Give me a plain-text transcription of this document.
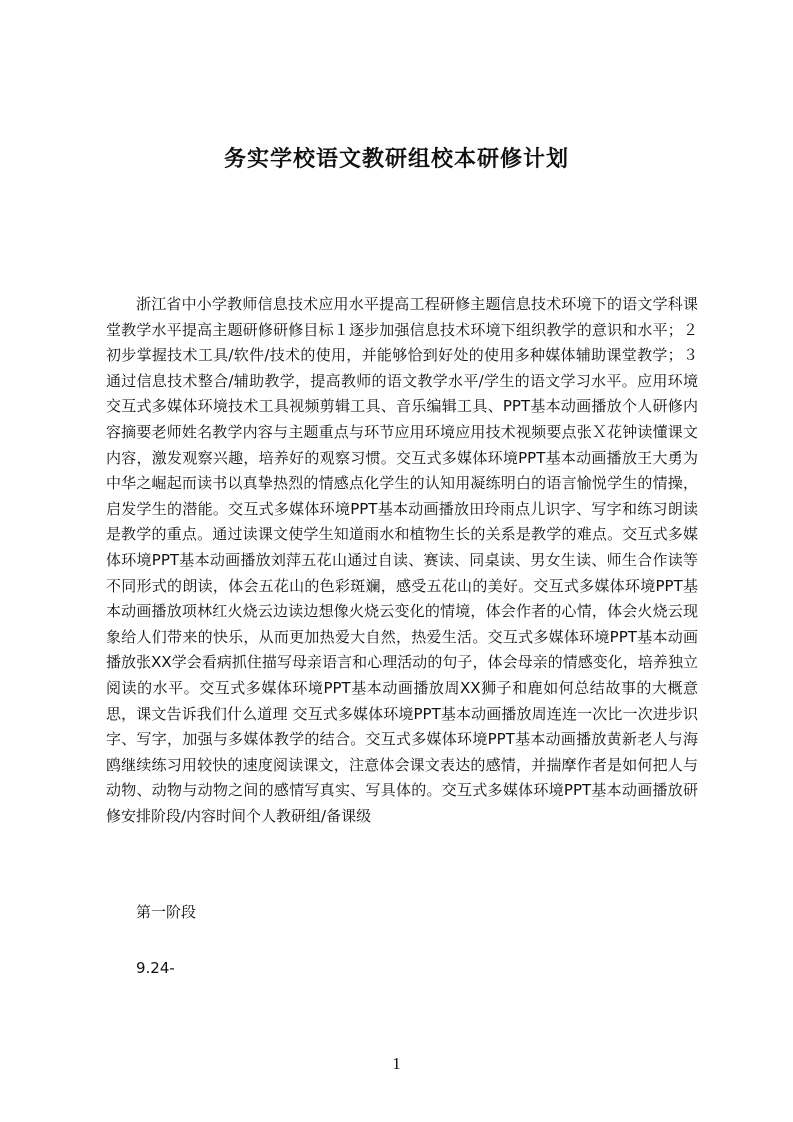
务实学校语文教研组校本研修计划

浙江省中小学教师信息技术应用水平提高工程研修主题信息技术环境下的语文学科课堂教学水平提高主题研修研修目标１逐步加强信息技术环境下组织教学的意识和水平；２初步掌握技术工具/软件/技术的使用，并能够恰到好处的使用多种媒体辅助课堂教学；３通过信息技术整合/辅助教学，提高教师的语文教学水平/学生的语文学习水平。应用环境交互式多媒体环境技术工具视频剪辑工具、音乐编辑工具、PPT基本动画播放个人研修内容摘要老师姓名教学内容与主题重点与环节应用环境应用技术视频要点张Ｘ花钟读懂课文内容，激发观察兴趣，培养好的观察习惯。交互式多媒体环境PPT基本动画播放王大勇为中华之崛起而读书以真挚热烈的情感点化学生的认知用凝练明白的语言愉悦学生的情操，启发学生的潜能。交互式多媒体环境PPT基本动画播放田玲雨点儿识字、写字和练习朗读是教学的重点。通过读课文使学生知道雨水和植物生长的关系是教学的难点。交互式多媒体环境PPT基本动画播放刘萍五花山通过自读、赛读、同桌读、男女生读、师生合作读等不同形式的朗读，体会五花山的色彩斑斓，感受五花山的美好。交互式多媒体环境PPT基本动画播放项林红火烧云边读边想像火烧云变化的情境，体会作者的心情，体会火烧云现象给人们带来的快乐，从而更加热爱大自然，热爱生活。交互式多媒体环境PPT基本动画播放张XX学会看病抓住描写母亲语言和心理活动的句子，体会母亲的情感变化，培养独立阅读的水平。交互式多媒体环境PPT基本动画播放周XX狮子和鹿如何总结故事的大概意思，课文告诉我们什么道理 交互式多媒体环境PPT基本动画播放周连连一次比一次进步识字、写字，加强与多媒体教学的结合。交互式多媒体环境PPT基本动画播放黄新老人与海鸥继续练习用较快的速度阅读课文，注意体会课文表达的感情，并揣摩作者是如何把人与动物、动物与动物之间的感情写真实、写具体的。交互式多媒体环境PPT基本动画播放研修安排阶段/内容时间个人教研组/备课级

第一阶段

9.24-

1
